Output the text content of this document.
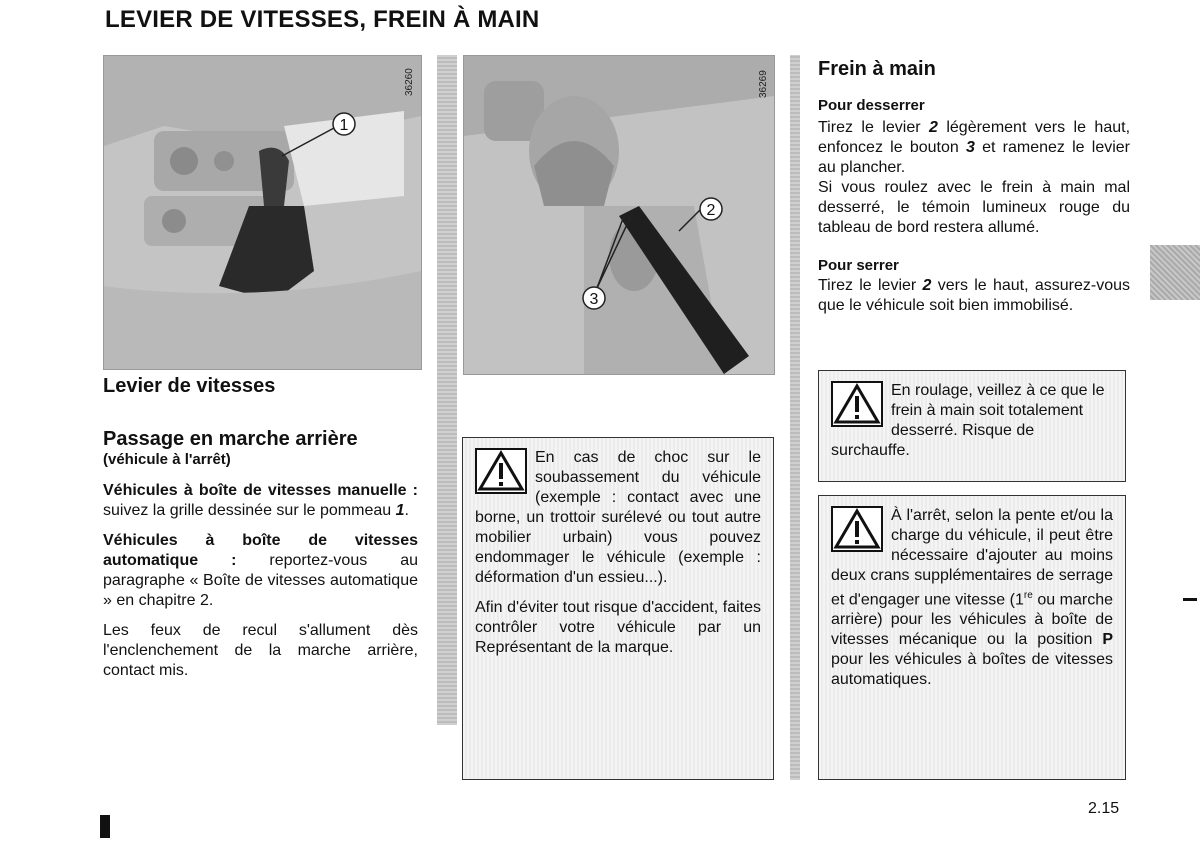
LEVIER DE VITESSES, FREIN À MAIN
1
36260
2
3
36269
Levier de vitesses
Passage en marche arrière
(véhicule à l'arrêt)

Véhicules à boîte de vitesses manuelle : suivez la grille dessinée sur le pommeau 1.

Véhicules à boîte de vitesses automatique : reportez-vous au paragraphe « Boîte de vitesses automatique » en chapitre 2.

Les feux de recul s'allument dès l'enclenchement de la marche arrière, contact mis.

En cas de choc sur le soubassement du véhicule (exemple : contact avec une borne, un trottoir surélevé ou tout autre mobilier urbain) vous pouvez endommager le véhicule (exemple : déformation d'un essieu...).

Afin d'éviter tout risque d'accident, faites contrôler votre véhicule par un Représentant de la marque.

Frein à main
Pour desserrer

Tirez le levier 2 légèrement vers le haut, enfoncez le bouton 3 et ramenez le levier au plancher.

Si vous roulez avec le frein à main mal desserré, le témoin lumineux rouge du tableau de bord restera allumé.

Pour serrer

Tirez le levier 2 vers le haut, assurez-vous que le véhicule soit bien immobilisé.

En roulage, veillez à ce que le frein à main soit totalement desserré. Risque de surchauffe.
À l'arrêt, selon la pente et/ou la charge du véhicule, il peut être nécessaire d'ajouter au moins deux crans supplémentaires de serrage et d'engager une vitesse (1re ou marche arrière) pour les véhicules à boîte de vitesses mécanique ou la position P pour les véhicules à boîtes de vitesses automatiques.
2.15
